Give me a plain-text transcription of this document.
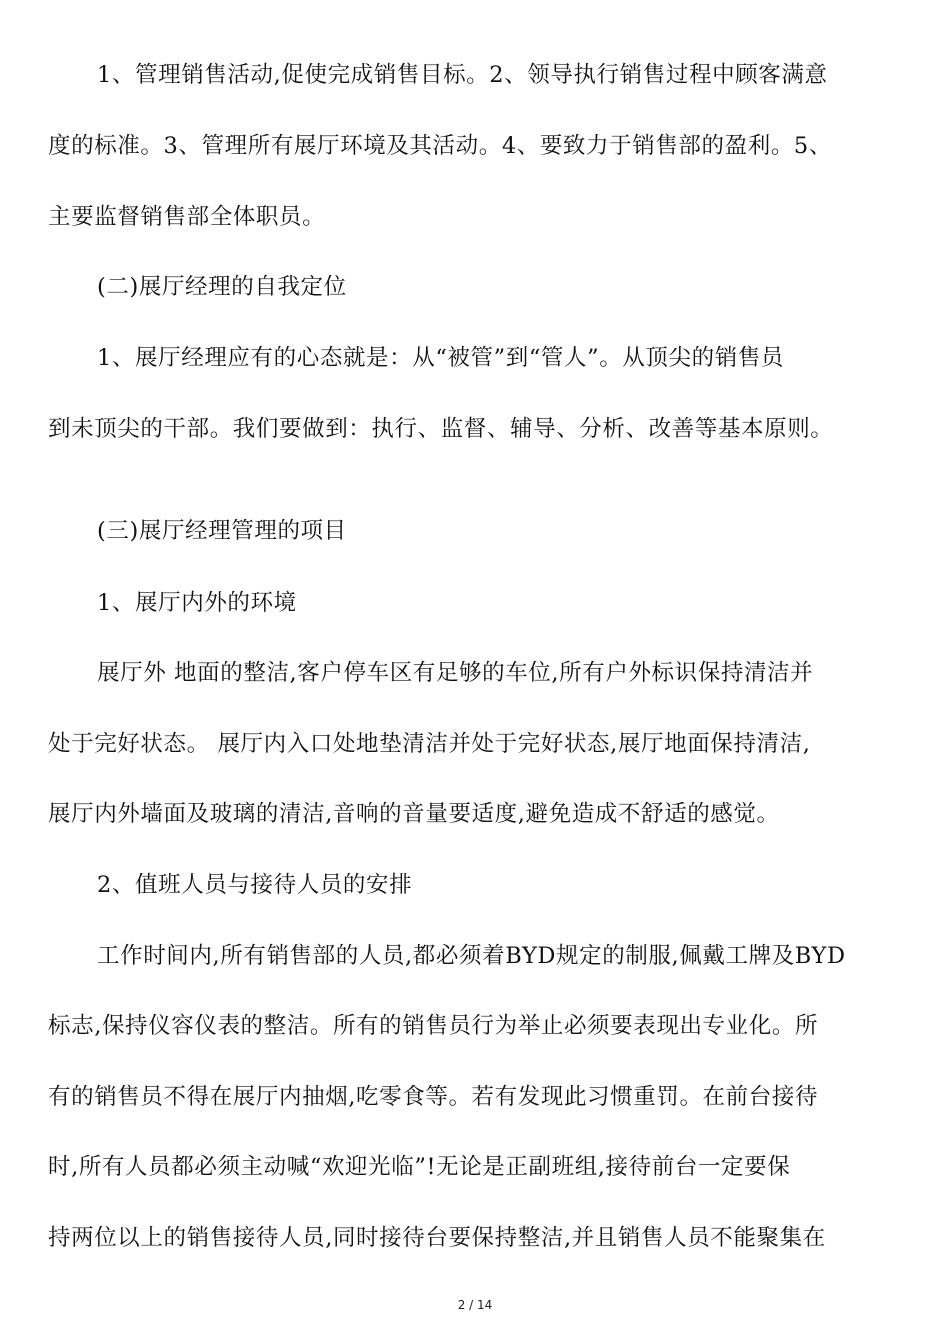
1、管理销售活动,促使完成销售目标。2、领导执行销售过程中顾客满意
度的标准。3、管理所有展厅环境及其活动。4、要致力于销售部的盈利。5、
主要监督销售部全体职员。
(二)展厅经理的自我定位
1、展厅经理应有的心态就是：从“被管”到“管人”。从顶尖的销售员
到未顶尖的干部。我们要做到：执行、监督、辅导、分析、改善等基本原则。
(三)展厅经理管理的项目
1、展厅内外的环境
展厅外 地面的整洁,客户停车区有足够的车位,所有户外标识保持清洁并
处于完好状态。 展厅内入口处地垫清洁并处于完好状态,展厅地面保持清洁,
展厅内外墙面及玻璃的清洁,音响的音量要适度,避免造成不舒适的感觉。
2、值班人员与接待人员的安排
工作时间内,所有销售部的人员,都必须着BYD规定的制服,佩戴工牌及BYD
标志,保持仪容仪表的整洁。所有的销售员行为举止必须要表现出专业化。所
有的销售员不得在展厅内抽烟,吃零食等。若有发现此习惯重罚。在前台接待
时,所有人员都必须主动喊“欢迎光临”!无论是正副班组,接待前台一定要保
持两位以上的销售接待人员,同时接待台要保持整洁,并且销售人员不能聚集在
2 / 14
